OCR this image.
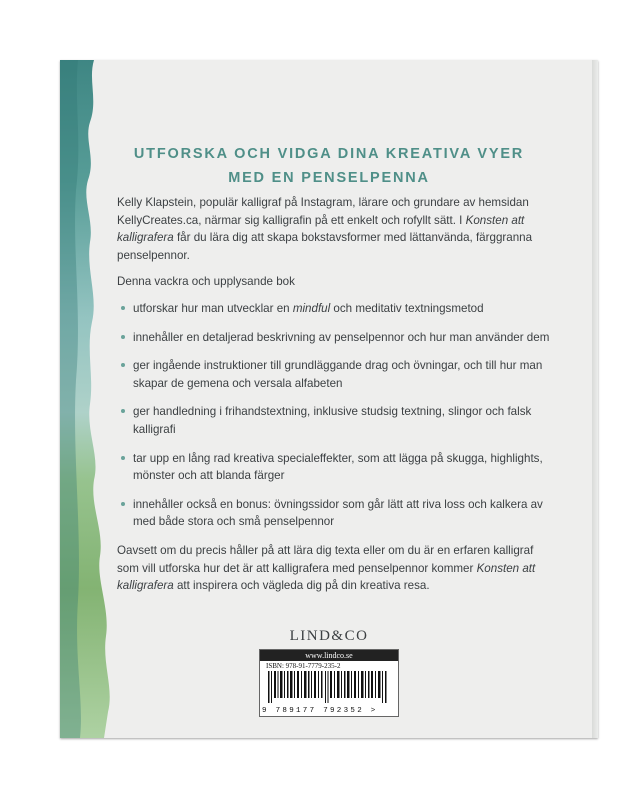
UTFORSKA OCH VIDGA DINA KREATIVA VYER
MED EN PENSELPENNA

Kelly Klapstein, populär kalligraf på Instagram, lärare och grundare av hemsidan KellyCreates.ca, närmar sig kalligrafin på ett enkelt och rofyllt sätt. I Konsten att kalligrafera får du lära dig att skapa bokstavsformer med lättanvända, färggranna penselpennor.

Denna vackra och upplysande bok

utforskar hur man utvecklar en mindful och meditativ textningsmetod
innehåller en detaljerad beskrivning av penselpennor och hur man använder dem
ger ingående instruktioner till grundläggande drag och övningar, och till hur man skapar de gemena och versala alfabeten
ger handledning i frihandstextning, inklusive studsig textning, slingor och falsk kalligrafi
tar upp en lång rad kreativa specialeffekter, som att lägga på skugga, highlights, mönster och att blanda färger
innehåller också en bonus: övningssidor som går lätt att riva loss och kalkera av med både stora och små penselpennor

Oavsett om du precis håller på att lära dig texta eller om du är en erfaren kalligraf som vill utforska hur det är att kalligrafera med penselpennor kommer Konsten att kalligrafera att inspirera och vägleda dig på din kreativa resa.

LIND&CO
www.lindco.se
ISBN: 978-91-7779-235-2
9 789177 792352 >
